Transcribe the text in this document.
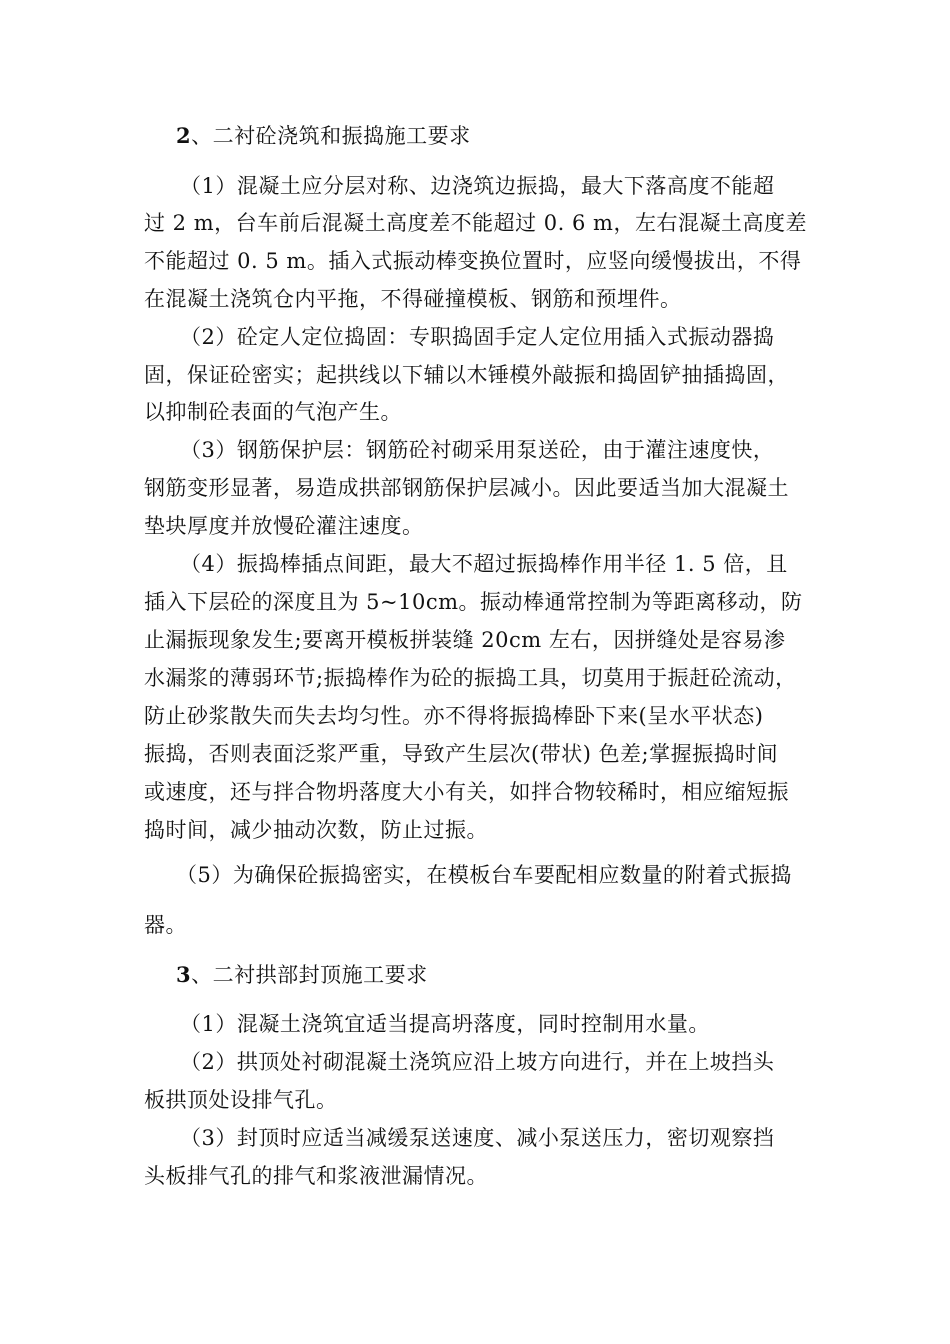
2、二衬砼浇筑和振捣施工要求
（1）混凝土应分层对称、边浇筑边振捣，最大下落高度不能超
过 2 m，台车前后混凝土高度差不能超过 0. 6 m，左右混凝土高度差
不能超过 0. 5 m。插入式振动棒变换位置时，应竖向缓慢拔出，不得
在混凝土浇筑仓内平拖，不得碰撞模板、钢筋和预埋件。
（2）砼定人定位捣固：专职捣固手定人定位用插入式振动器捣
固，保证砼密实；起拱线以下辅以木锤模外敲振和捣固铲抽插捣固，
以抑制砼表面的气泡产生。
（3）钢筋保护层：钢筋砼衬砌采用泵送砼，由于灌注速度快，
钢筋变形显著，易造成拱部钢筋保护层减小。因此要适当加大混凝土
垫块厚度并放慢砼灌注速度。
（4）振捣棒插点间距，最大不超过振捣棒作用半径 1. 5 倍，且
插入下层砼的深度且为 5~10cm。振动棒通常控制为等距离移动，防
止漏振现象发生;要离开模板拼装缝 20cm 左右，因拼缝处是容易渗
水漏浆的薄弱环节;振捣棒作为砼的振捣工具，切莫用于振赶砼流动，
防止砂浆散失而失去均匀性。亦不得将振捣棒卧下来(呈水平状态)
振捣，否则表面泛浆严重，导致产生层次(带状) 色差;掌握振捣时间
或速度，还与拌合物坍落度大小有关，如拌合物较稀时，相应缩短振
捣时间，减少抽动次数，防止过振。
（5）为确保砼振捣密实，在模板台车要配相应数量的附着式振捣
器。
3、二衬拱部封顶施工要求
（1）混凝土浇筑宜适当提高坍落度，同时控制用水量。
（2）拱顶处衬砌混凝土浇筑应沿上坡方向进行，并在上坡挡头
板拱顶处设排气孔。
（3）封顶时应适当减缓泵送速度、减小泵送压力，密切观察挡
头板排气孔的排气和浆液泄漏情况。
